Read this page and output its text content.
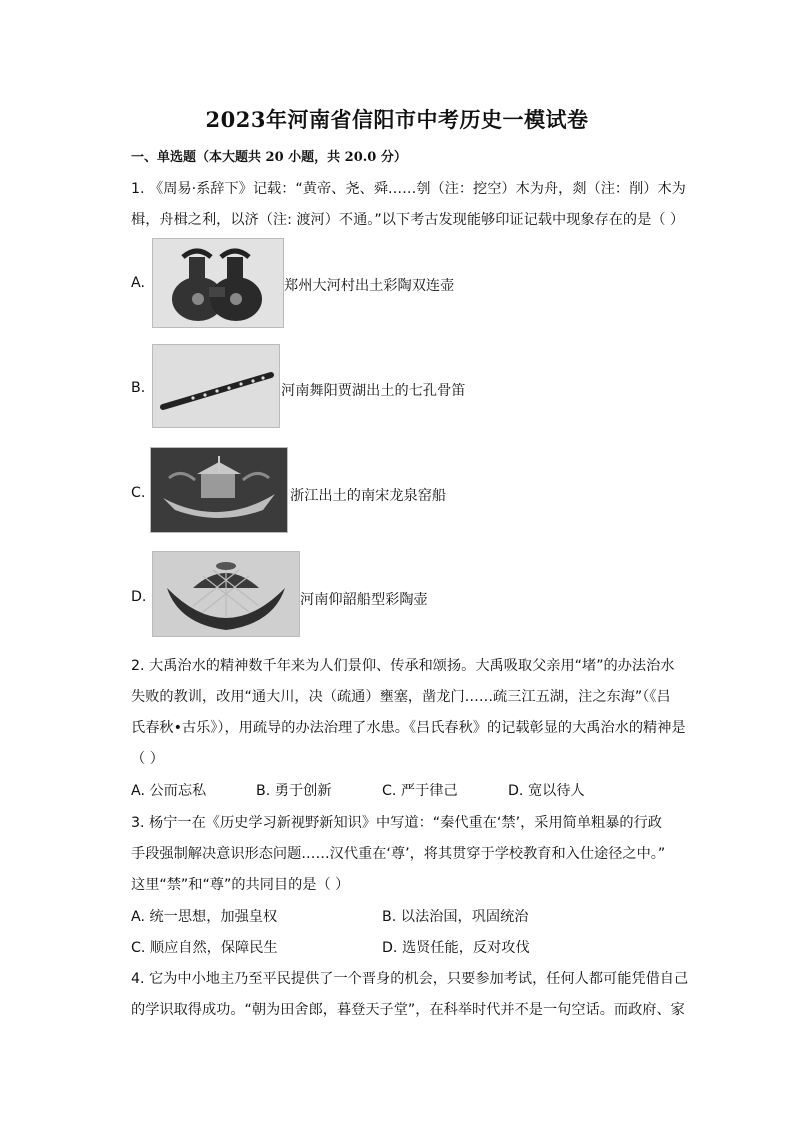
2023年河南省信阳市中考历史一模试卷
一、单选题（本大题共 20 小题，共 20.0 分）
1. 《周易·系辞下》记载：“黄帝、尧、舜……刳（注：挖空）木为舟，剡（注：削）木为
楫，舟楫之利，以济（注: 渡河）不通。”以下考古发现能够印证记载中现象存在的是（ ）
A.	郑州大河村出土彩陶双连壶
B.	河南舞阳贾湖出土的七孔骨笛
C.	浙江出土的南宋龙泉窑船
D.	河南仰韶船型彩陶壶
2. 大禹治水的精神数千年来为人们景仰、传承和颂扬。大禹吸取父亲用“堵”的办法治水
失败的教训，改用“通大川，决（疏通）壅塞，凿龙门……疏三江五湖，注之东海”（《吕
氏春秋•古乐》），用疏导的办法治理了水患。《吕氏春秋》的记载彰显的大禹治水的精神是
（ ）
A. 公而忘私	B. 勇于创新	C. 严于律己	D. 宽以待人
3. 杨宁一在《历史学习新视野新知识》中写道：“秦代重在‘禁’，采用简单粗暴的行政
手段强制解决意识形态问题……汉代重在‘尊’，将其贯穿于学校教育和入仕途径之中。”
这里“禁”和“尊”的共同目的是（ ）
A. 统一思想，加强皇权	B. 以法治国，巩固统治
C. 顺应自然，保障民生	D. 选贤任能，反对攻伐
4. 它为中小地主乃至平民提供了一个晋身的机会，只要参加考试，任何人都可能凭借自己
的学识取得成功。“朝为田舍郎，暮登天子堂”，在科举时代并不是一句空话。而政府、家
